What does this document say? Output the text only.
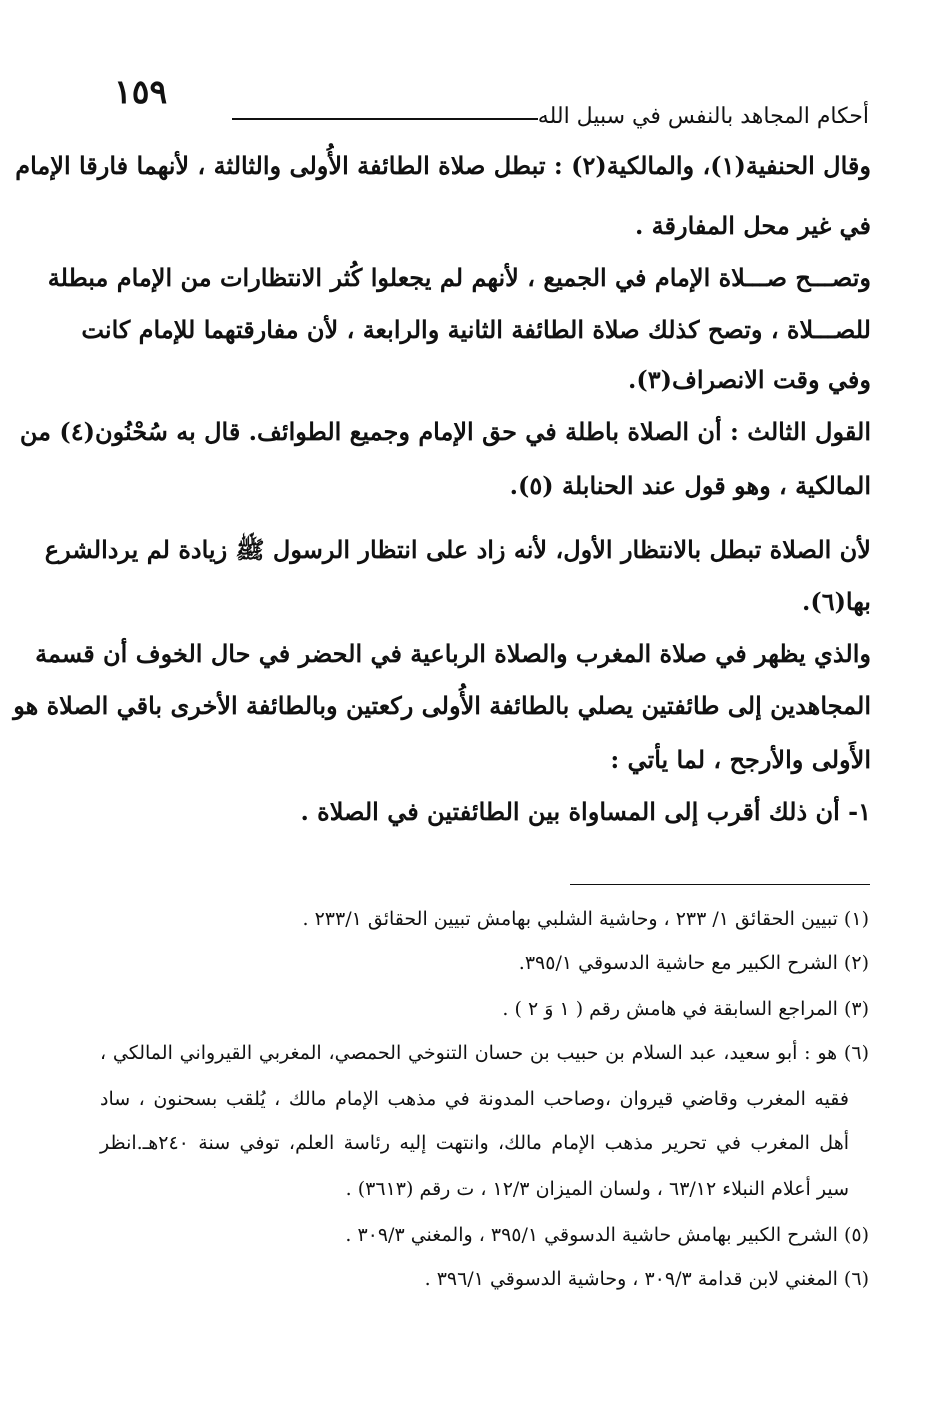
١٥٩
أحكام المجاهد بالنفس في سبيل الله
وقال الحنفية(١)، والمالكية(٢) : تبطل صلاة الطائفة الأُولى والثالثة ، لأنهما فارقا الإمام
في غير محل المفارقة .
وتصـــح صـــلاة الإمام في الجميع ، لأنهم لم يجعلوا كُثر الانتظارات من الإمام مبطلة
للصـــلاة ، وتصح كذلك صلاة الطائفة الثانية والرابعة ، لأن مفارقتهما للإمام كانت
وفي وقت الانصراف(٣).
القول الثالث : أن الصلاة باطلة في حق الإمام وجميع الطوائف. قال به سُحْنُون(٤) من
المالكية ، وهو قول عند الحنابلة (٥).
لأن الصلاة تبطل بالانتظار الأول، لأنه زاد على انتظار الرسول ﷺ زيادة لم يردالشرع
بها(٦).
والذي يظهر في صلاة المغرب والصلاة الرباعية في الحضر في حال الخوف أن قسمة
المجاهدين إلى طائفتين يصلي بالطائفة الأُولى ركعتين وبالطائفة الأخرى باقي الصلاة هو
الأَولى والأرجح ، لما يأتي :
١- أن ذلك أقرب إلى المساواة بين الطائفتين في الصلاة .
(١) تبيين الحقائق ١/ ٢٣٣ ، وحاشية الشلبي بهامش تبيين الحقائق ٢٣٣/١ .
(٢) الشرح الكبير مع حاشية الدسوقي ٣٩٥/١.
(٣) المراجع السابقة في هامش رقم ( ١ وَ ٢ ) .
(٦) هو : أبو سعيد، عبد السلام بن حبيب بن حسان التنوخي الحمصي، المغربي القيرواني المالكي ،
فقيه المغرب وقاضي قيروان ،وصاحب المدونة في مذهب الإمام مالك ، يُلقب بسحنون ، ساد
أهل المغرب في تحرير مذهب الإمام مالك، وانتهت إليه رئاسة العلم، توفي سنة ٢٤٠هـ.انظر
سير أعلام النبلاء ٦٣/١٢ ، ولسان الميزان ١٢/٣ ، ت رقم (٣٦١٣) .
(٥) الشرح الكبير بهامش حاشية الدسوقي ٣٩٥/١ ، والمغني ٣٠٩/٣ .
(٦) المغني لابن قدامة ٣٠٩/٣ ، وحاشية الدسوقي ٣٩٦/١ .
